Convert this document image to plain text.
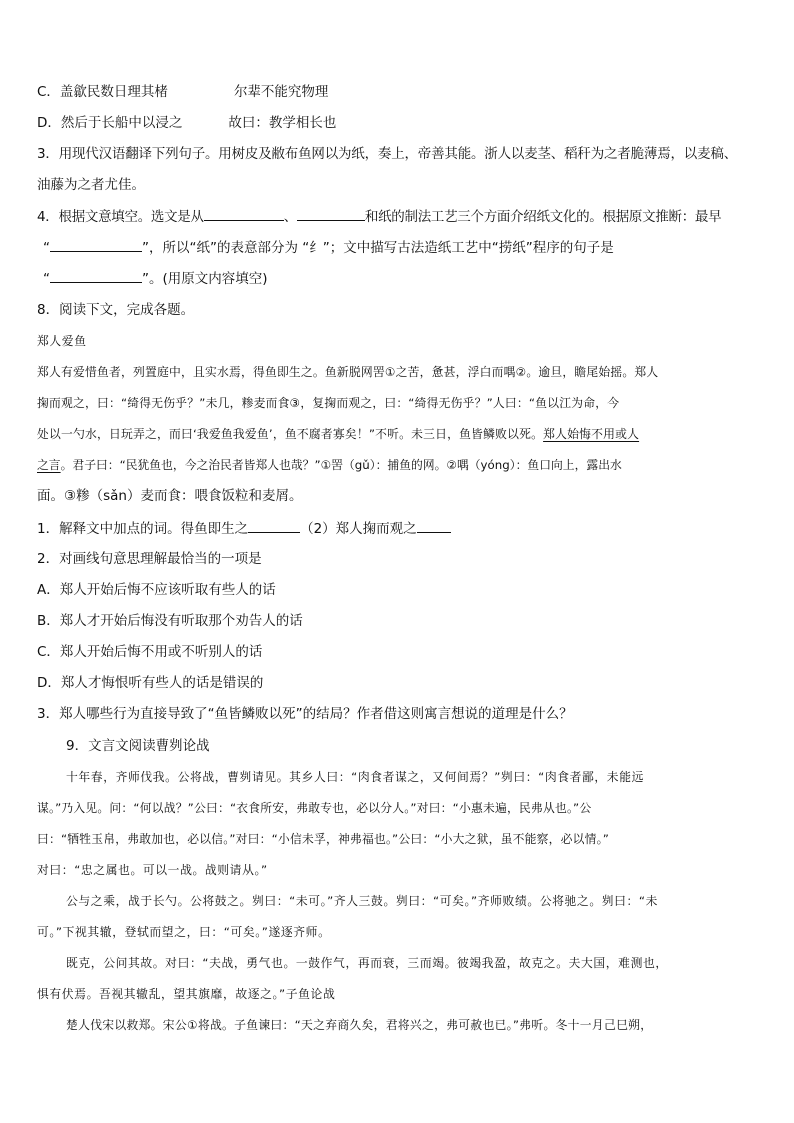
C．盖歙民数日理其楮	尔辈不能究物理
D．然后于长船中以浸之	故曰：教学相长也
3．用现代汉语翻译下列句子。用树皮及敝布鱼网以为纸，奏上，帝善其能。浙人以麦茎、稻秆为之者脆薄焉，以麦稿、
油藤为之者尤佳。
4．根据文意填空。选文是从	、	和纸的制法工艺三个方面介绍纸文化的。根据原文推断：最早
“	”，所以“纸”的表意部分为 “纟”；文中描写古法造纸工艺中“捞纸”程序的句子是
“	”。(用原文内容填空)
8．阅读下文，完成各题。
郑人爱鱼
郑人有爱惜鱼者，列置庭中，且实水焉，得鱼即生之。鱼新脱网罟①之苦，惫甚，浮白而喁②。逾旦，瞻尾始摇。郑人
掬而观之，曰：“绮得无伤乎？”未几，糁麦而食③，复掬而观之，曰：“绮得无伤乎？”人曰：“鱼以江为命，今
处以一勺水，日玩弄之，而曰‘我爱鱼我爱鱼’，鱼不腐者寡矣！”不听。未三日，鱼皆鳞败以死。郑人始悔不用或人
之言。君子曰：“民犹鱼也，今之治民者皆郑人也哉？”①罟（gǔ）：捕鱼的网。②喁（yóng）：鱼口向上，露出水
面。③糁（sǎn）麦而食：喂食饭粒和麦屑。
1．解释文中加点的词。得鱼即生之	（2）郑人掬而观之
2．对画线句意思理解最恰当的一项是
A．郑人开始后悔不应该听取有些人的话
B．郑人才开始后悔没有听取那个劝告人的话
C．郑人开始后悔不用或不听别人的话
D．郑人才悔恨听有些人的话是错误的
3．郑人哪些行为直接导致了“鱼皆鳞败以死”的结局？作者借这则寓言想说的道理是什么？
9．文言文阅读曹刿论战
十年春，齐师伐我。公将战，曹刿请见。其乡人曰：“肉食者谋之，又何间焉？”刿曰：“肉食者鄙，未能远
谋。”乃入见。问：“何以战？”公曰：“衣食所安，弗敢专也，必以分人。”对曰：“小惠未遍，民弗从也。”公
曰：“牺牲玉帛，弗敢加也，必以信。”对曰：“小信未孚，神弗福也。”公曰：“小大之狱，虽不能察，必以情。”
对曰：“忠之属也。可以一战。战则请从。”
公与之乘，战于长勺。公将鼓之。刿曰：“未可。”齐人三鼓。刿曰：“可矣。”齐师败绩。公将驰之。刿曰：“未
可。”下视其辙，登轼而望之，曰：“可矣。”遂逐齐师。
既克，公问其故。对曰：“夫战，勇气也。一鼓作气，再而衰，三而竭。彼竭我盈，故克之。夫大国，难测也，
惧有伏焉。吾视其辙乱，望其旗靡，故逐之。”子鱼论战
楚人伐宋以救郑。宋公①将战。子鱼谏曰：“天之弃商久矣，君将兴之，弗可赦也已。”弗听。冬十一月己巳朔，
